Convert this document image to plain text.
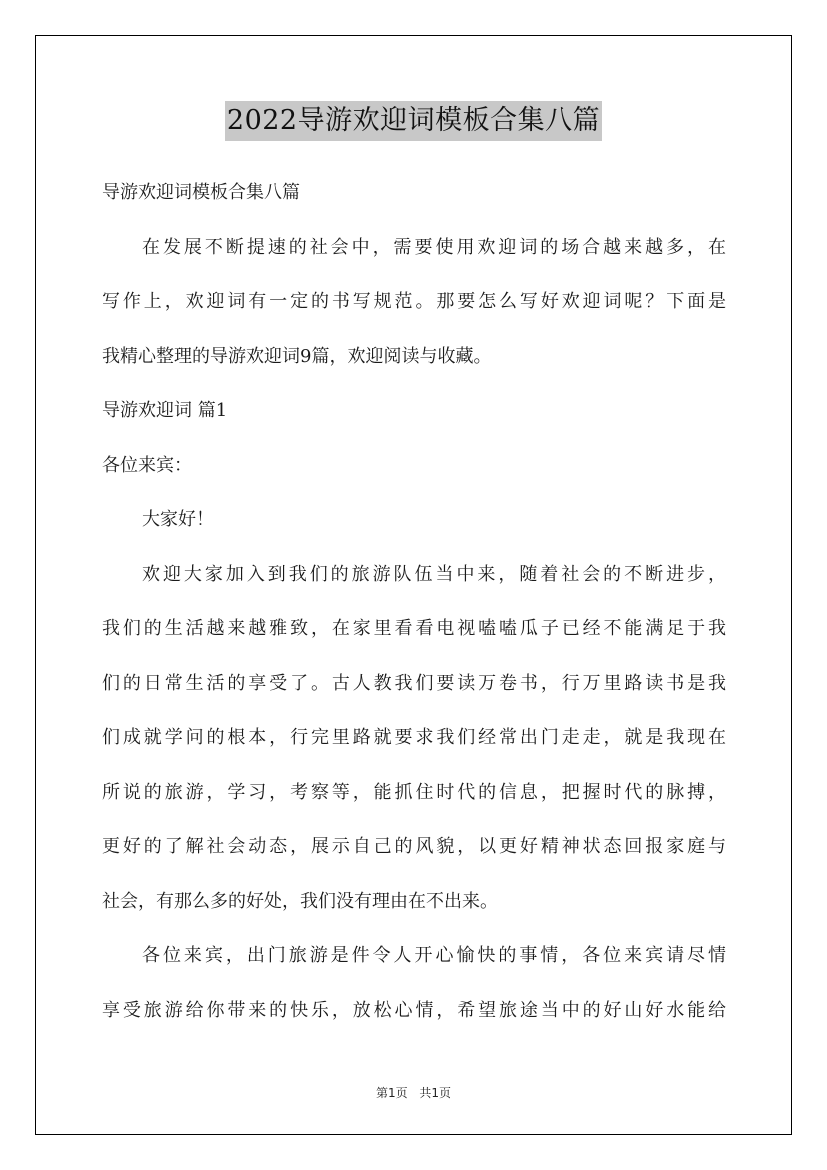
2022导游欢迎词模板合集八篇
导游欢迎词模板合集八篇
在发展不断提速的社会中，需要使用欢迎词的场合越来越多，在
写作上，欢迎词有一定的书写规范。那要怎么写好欢迎词呢？下面是
我精心整理的导游欢迎词9篇，欢迎阅读与收藏。
导游欢迎词 篇1
各位来宾：
大家好！
欢迎大家加入到我们的旅游队伍当中来，随着社会的不断进步，
我们的生活越来越雅致，在家里看看电视嗑嗑瓜子已经不能满足于我
们的日常生活的享受了。古人教我们要读万卷书，行万里路读书是我
们成就学问的根本，行完里路就要求我们经常出门走走，就是我现在
所说的旅游，学习，考察等，能抓住时代的信息，把握时代的脉搏，
更好的了解社会动态，展示自己的风貌，以更好精神状态回报家庭与
社会，有那么多的好处，我们没有理由在不出来。
各位来宾，出门旅游是件令人开心愉快的事情，各位来宾请尽情
享受旅游给你带来的快乐，放松心情，希望旅途当中的好山好水能给
第1页 共1页
